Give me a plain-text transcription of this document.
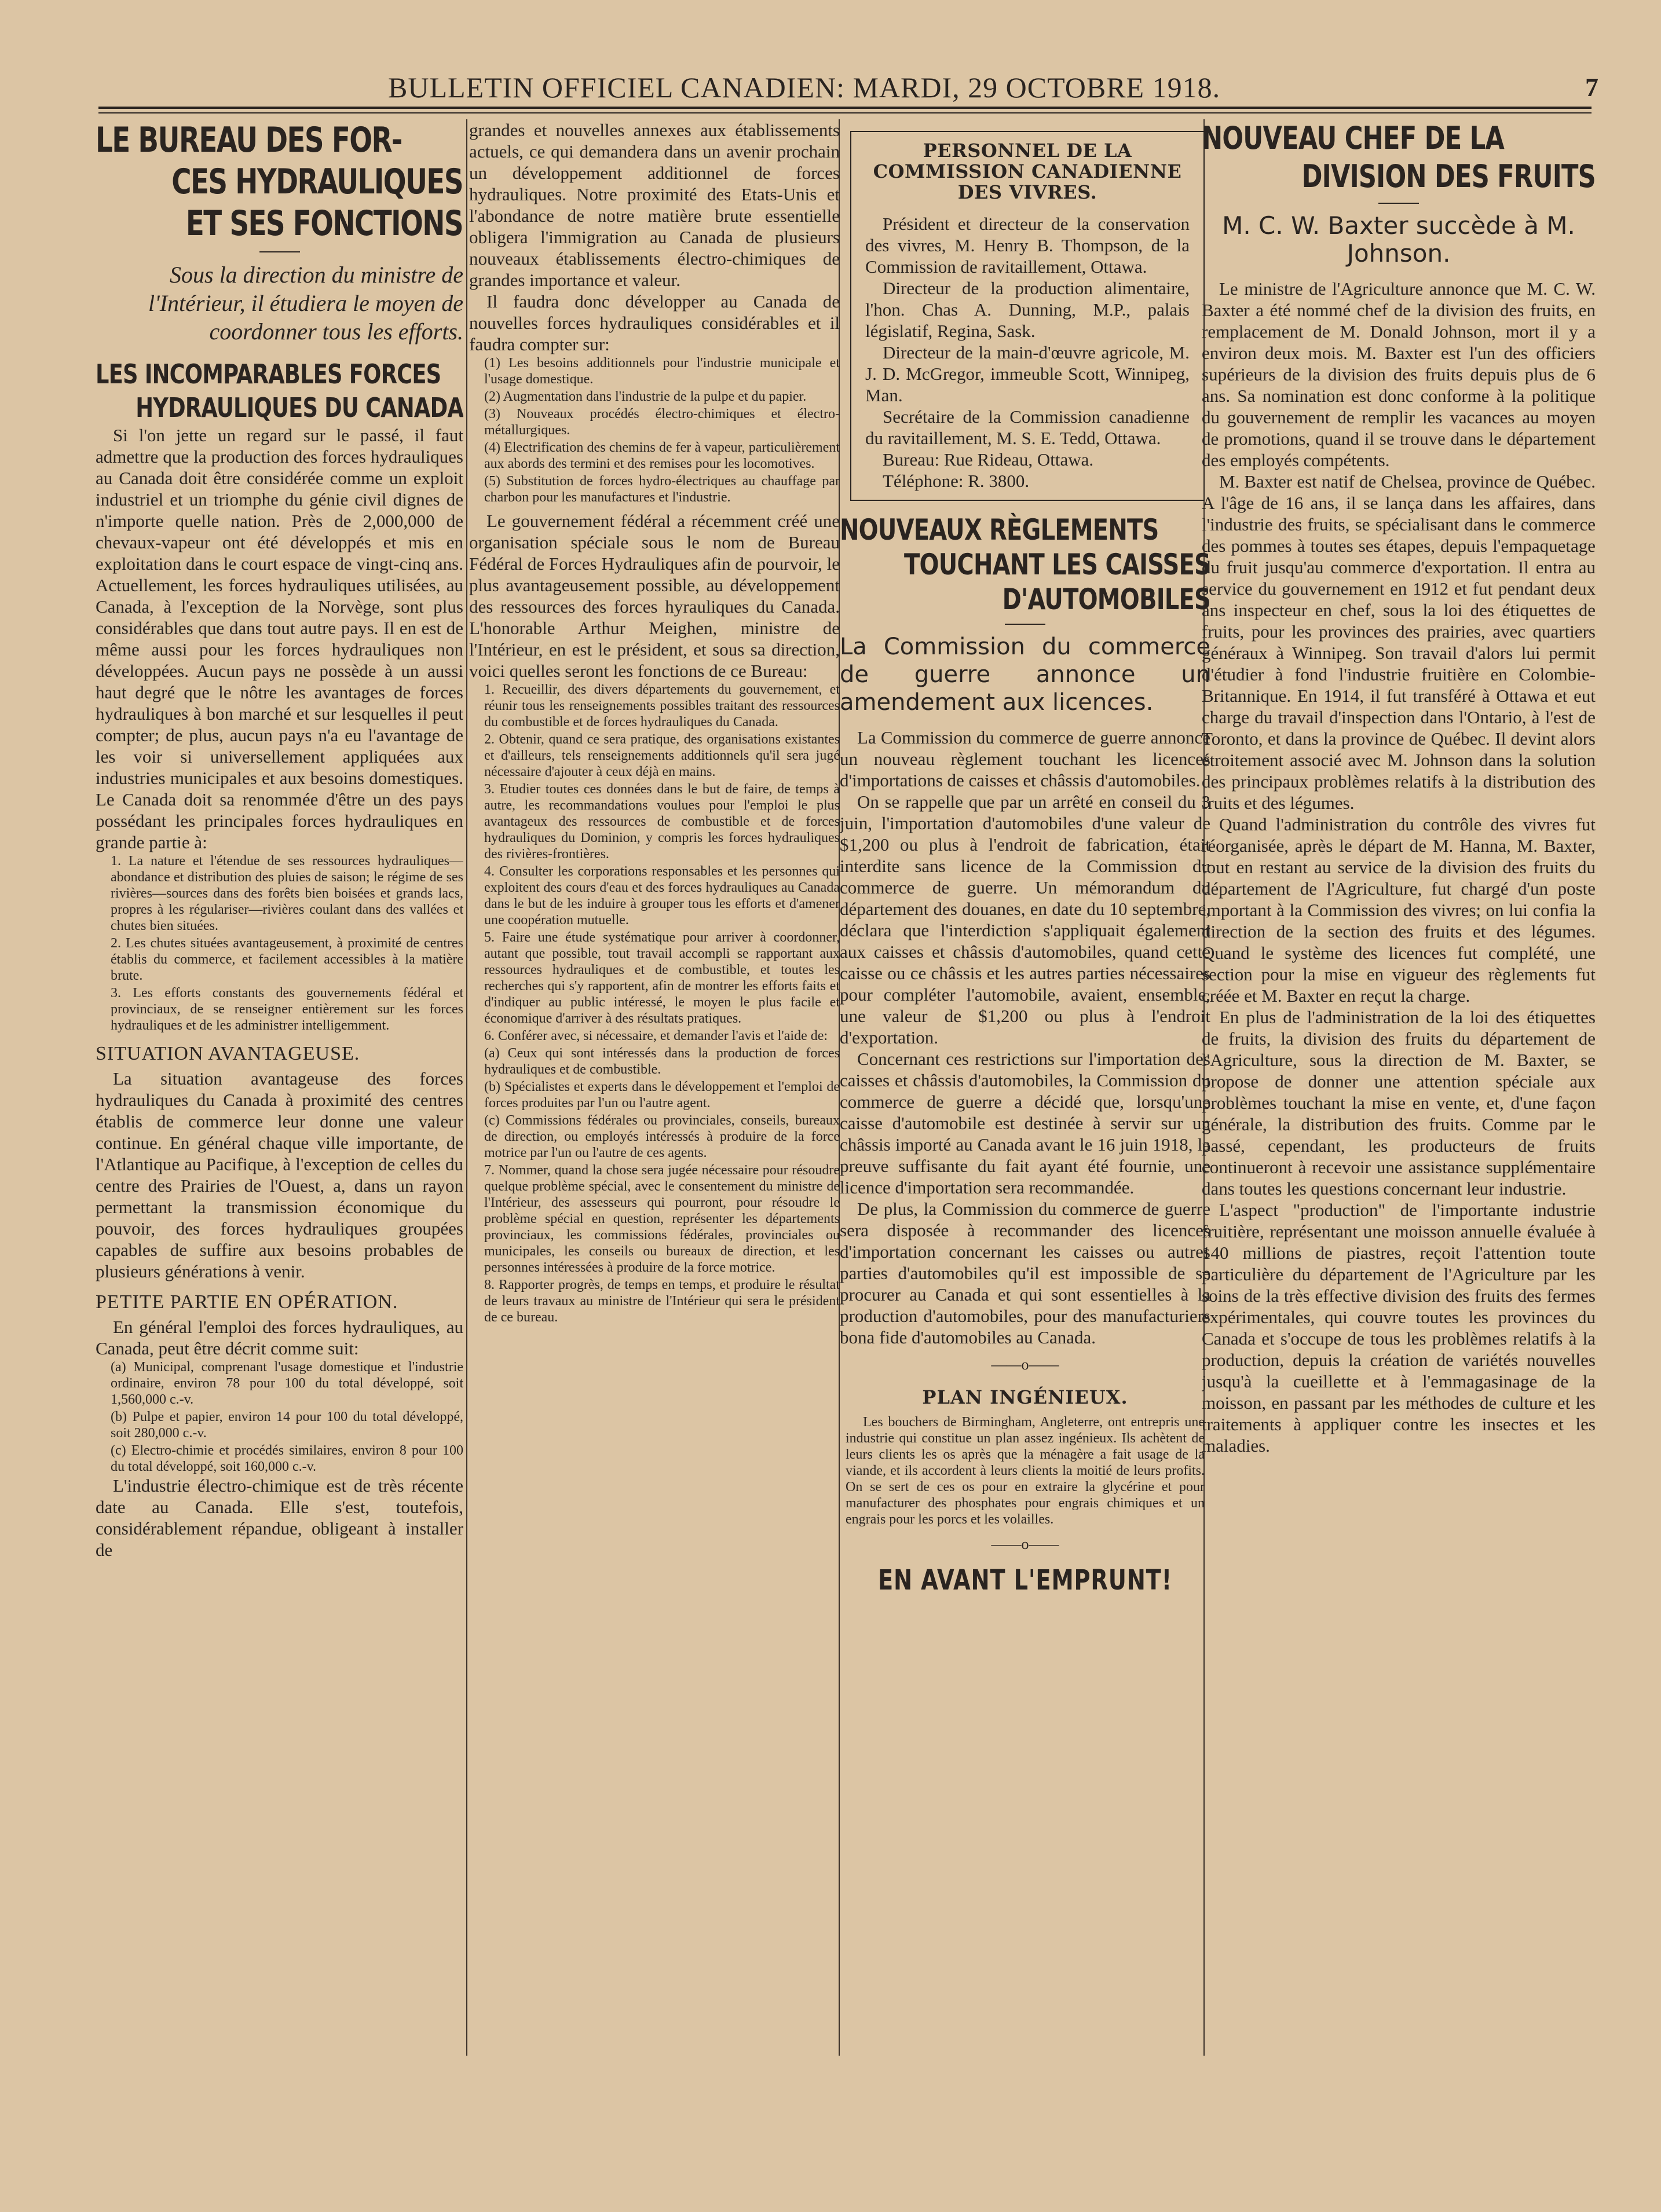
BULLETIN OFFICIEL CANADIEN: MARDI, 29 OCTOBRE 1918.	7
LE BUREAU DES FOR-
CES HYDRAULIQUES
ET SES FONCTIONS
Sous la direction du ministre de l'Intérieur, il étudiera le moyen de coordonner tous les efforts.
LES INCOMPARABLES FORCES
HYDRAULIQUES DU CANADA

Si l'on jette un regard sur le passé, il faut admettre que la production des forces hydrauliques au Canada doit être considérée comme un exploit industriel et un triomphe du génie civil dignes de n'importe quelle nation. Près de 2,000,000 de chevaux-vapeur ont été développés et mis en exploitation dans le court espace de vingt-cinq ans. Actuellement, les forces hydrauliques utilisées, au Canada, à l'exception de la Norvège, sont plus considérables que dans tout autre pays. Il en est de même aussi pour les forces hydrauliques non développées. Aucun pays ne possède à un aussi haut degré que le nôtre les avantages de forces hydrauliques à bon marché et sur lesquelles il peut compter; de plus, aucun pays n'a eu l'avantage de les voir si universellement appliquées aux industries municipales et aux besoins domestiques. Le Canada doit sa renommée d'être un des pays possédant les principales forces hydrauliques en grande partie à:

1. La nature et l'étendue de ses ressources hydrauliques—abondance et distribution des pluies de saison; le régime de ses rivières—sources dans des forêts bien boisées et grands lacs, propres à les régulariser—rivières coulant dans des vallées et chutes bien situées.

2. Les chutes situées avantageusement, à proximité de centres établis du commerce, et facilement accessibles à la matière brute.

3. Les efforts constants des gouvernements fédéral et provinciaux, de se renseigner entièrement sur les forces hydrauliques et de les administrer intelligemment.

SITUATION AVANTAGEUSE.

La situation avantageuse des forces hydrauliques du Canada à proximité des centres établis de commerce leur donne une valeur continue. En général chaque ville importante, de l'Atlantique au Pacifique, à l'exception de celles du centre des Prairies de l'Ouest, a, dans un rayon permettant la transmission économique du pouvoir, des forces hydrauliques groupées capables de suffire aux besoins probables de plusieurs générations à venir.

PETITE PARTIE EN OPÉRATION.

En général l'emploi des forces hydrauliques, au Canada, peut être décrit comme suit:

(a) Municipal, comprenant l'usage domestique et l'industrie ordinaire, environ 78 pour 100 du total développé, soit 1,560,000 c.-v.

(b) Pulpe et papier, environ 14 pour 100 du total développé, soit 280,000 c.-v.

(c) Electro-chimie et procédés similaires, environ 8 pour 100 du total développé, soit 160,000 c.-v.

L'industrie électro-chimique est de très récente date au Canada. Elle s'est, toutefois, considérablement répandue, obligeant à installer de

grandes et nouvelles annexes aux établissements actuels, ce qui demandera dans un avenir prochain un développement additionnel de forces hydrauliques. Notre proximité des Etats-Unis et l'abondance de notre matière brute essentielle obligera l'immigration au Canada de plusieurs nouveaux établissements électro-chimiques de grandes importance et valeur.

Il faudra donc développer au Canada de nouvelles forces hydrauliques considérables et il faudra compter sur:

(1) Les besoins additionnels pour l'industrie municipale et l'usage domestique.

(2) Augmentation dans l'industrie de la pulpe et du papier.

(3) Nouveaux procédés électro-chimiques et électro-métallurgiques.

(4) Electrification des chemins de fer à vapeur, particulièrement aux abords des termini et des remises pour les locomotives.

(5) Substitution de forces hydro-électriques au chauffage par charbon pour les manufactures et l'industrie.

Le gouvernement fédéral a récemment créé une organisation spéciale sous le nom de Bureau Fédéral de Forces Hydrauliques afin de pourvoir, le plus avantageusement possible, au développement des ressources des forces hyrauliques du Canada. L'honorable Arthur Meighen, ministre de l'Intérieur, en est le président, et sous sa direction, voici quelles seront les fonctions de ce Bureau:

1. Recueillir, des divers départements du gouvernement, et réunir tous les renseignements possibles traitant des ressources du combustible et de forces hydrauliques du Canada.

2. Obtenir, quand ce sera pratique, des organisations existantes et d'ailleurs, tels renseignements additionnels qu'il sera jugé nécessaire d'ajouter à ceux déjà en mains.

3. Etudier toutes ces données dans le but de faire, de temps à autre, les recommandations voulues pour l'emploi le plus avantageux des ressources de combustible et de forces hydrauliques du Dominion, y compris les forces hydrauliques des rivières-frontières.

4. Consulter les corporations responsables et les personnes qui exploitent des cours d'eau et des forces hydrauliques au Canada dans le but de les induire à grouper tous les efforts et d'amener une coopération mutuelle.

5. Faire une étude systématique pour arriver à coordonner, autant que possible, tout travail accompli se rapportant aux ressources hydrauliques et de combustible, et toutes les recherches qui s'y rapportent, afin de montrer les efforts faits et d'indiquer au public intéressé, le moyen le plus facile et économique d'arriver à des résultats pratiques.

6. Conférer avec, si nécessaire, et demander l'avis et l'aide de:

(a) Ceux qui sont intéressés dans la production de forces hydrauliques et de combustible.

(b) Spécialistes et experts dans le développement et l'emploi de forces produites par l'un ou l'autre agent.

(c) Commissions fédérales ou provinciales, conseils, bureaux de direction, ou employés intéressés à produire de la force motrice par l'un ou l'autre de ces agents.

7. Nommer, quand la chose sera jugée nécessaire pour résoudre quelque problème spécial, avec le consentement du ministre de l'Intérieur, des assesseurs qui pourront, pour résoudre le problème spécial en question, représenter les départements provinciaux, les commissions fédérales, provinciales ou municipales, les conseils ou bureaux de direction, et les personnes intéressées à produire de la force motrice.

8. Rapporter progrès, de temps en temps, et produire le résultat de leurs travaux au ministre de l'Intérieur qui sera le président de ce bureau.

PERSONNEL DE LA COMMISSION CANADIENNE DES VIVRES.

Président et directeur de la conservation des vivres, M. Henry B. Thompson, de la Commission de ravitaillement, Ottawa.

Directeur de la production alimentaire, l'hon. Chas A. Dunning, M.P., palais législatif, Regina, Sask.

Directeur de la main-d'œuvre agricole, M. J. D. McGregor, immeuble Scott, Winnipeg, Man.

Secrétaire de la Commission canadienne du ravitaillement, M. S. E. Tedd, Ottawa.

Bureau: Rue Rideau, Ottawa.

Téléphone: R. 3800.

NOUVEAUX RÈGLEMENTS
TOUCHANT LES CAISSES
D'AUTOMOBILES
La Commission du commerce de guerre annonce un amendement aux licences.

La Commission du commerce de guerre annonce un nouveau règlement touchant les licences d'importations de caisses et châssis d'automobiles.

On se rappelle que par un arrêté en conseil du 3 juin, l'importation d'automobiles d'une valeur de $1,200 ou plus à l'endroit de fabrication, était interdite sans licence de la Commission du commerce de guerre. Un mémorandum du département des douanes, en date du 10 septembre, déclara que l'interdiction s'appliquait également aux caisses et châssis d'automobiles, quand cette caisse ou ce châssis et les autres parties nécessaires pour compléter l'automobile, avaient, ensemble, une valeur de $1,200 ou plus à l'endroit d'exportation.

Concernant ces restrictions sur l'importation des caisses et châssis d'automobiles, la Commission du commerce de guerre a décidé que, lorsqu'une caisse d'automobile est destinée à servir sur un châssis importé au Canada avant le 16 juin 1918, la preuve suffisante du fait ayant été fournie, une licence d'importation sera recommandée.

De plus, la Commission du commerce de guerre sera disposée à recommander des licences d'importation concernant les caisses ou autres parties d'automobiles qu'il est impossible de se procurer au Canada et qui sont essentielles à la production d'automobiles, pour des manufacturiers bona fide d'automobiles au Canada.

——o——
PLAN INGÉNIEUX.

Les bouchers de Birmingham, Angleterre, ont entrepris une industrie qui constitue un plan assez ingénieux. Ils achètent de leurs clients les os après que la ménagère a fait usage de la viande, et ils accordent à leurs clients la moitié de leurs profits. On se sert de ces os pour en extraire la glycérine et pour manufacturer des phosphates pour engrais chimiques et un engrais pour les porcs et les volailles.

——o——
EN AVANT L'EMPRUNT!
NOUVEAU CHEF DE LA
DIVISION DES FRUITS
M. C. W. Baxter succède à M. Johnson.

Le ministre de l'Agriculture annonce que M. C. W. Baxter a été nommé chef de la division des fruits, en remplacement de M. Donald Johnson, mort il y a environ deux mois. M. Baxter est l'un des officiers supérieurs de la division des fruits depuis plus de 6 ans. Sa nomination est donc conforme à la politique du gouvernement de remplir les vacances au moyen de promotions, quand il se trouve dans le département des employés compétents.

M. Baxter est natif de Chelsea, province de Québec. A l'âge de 16 ans, il se lança dans les affaires, dans l'industrie des fruits, se spécialisant dans le commerce des pommes à toutes ses étapes, depuis l'empaquetage du fruit jusqu'au commerce d'exportation. Il entra au service du gouvernement en 1912 et fut pendant deux ans inspecteur en chef, sous la loi des étiquettes de fruits, pour les provinces des prairies, avec quartiers généraux à Winnipeg. Son travail d'alors lui permit d'étudier à fond l'industrie fruitière en Colombie-Britannique. En 1914, il fut transféré à Ottawa et eut charge du travail d'inspection dans l'Ontario, à l'est de Toronto, et dans la province de Québec. Il devint alors étroitement associé avec M. Johnson dans la solution des principaux problèmes relatifs à la distribution des fruits et des légumes.

Quand l'administration du contrôle des vivres fut réorganisée, après le départ de M. Hanna, M. Baxter, tout en restant au service de la division des fruits du département de l'Agriculture, fut chargé d'un poste important à la Commission des vivres; on lui confia la direction de la section des fruits et des légumes. Quand le système des licences fut complété, une section pour la mise en vigueur des règlements fut créée et M. Baxter en reçut la charge.

En plus de l'administration de la loi des étiquettes de fruits, la division des fruits du département de l'Agriculture, sous la direction de M. Baxter, se propose de donner une attention spéciale aux problèmes touchant la mise en vente, et, d'une façon générale, la distribution des fruits. Comme par le passé, cependant, les producteurs de fruits continueront à recevoir une assistance supplémentaire dans toutes les questions concernant leur industrie.

L'aspect "production" de l'importante industrie fruitière, représentant une moisson annuelle évaluée à 140 millions de piastres, reçoit l'attention toute particulière du département de l'Agriculture par les soins de la très effective division des fruits des fermes expérimentales, qui couvre toutes les provinces du Canada et s'occupe de tous les problèmes relatifs à la production, depuis la création de variétés nouvelles jusqu'à la cueillette et à l'emmagasinage de la moisson, en passant par les méthodes de culture et les traitements à appliquer contre les insectes et les maladies.
